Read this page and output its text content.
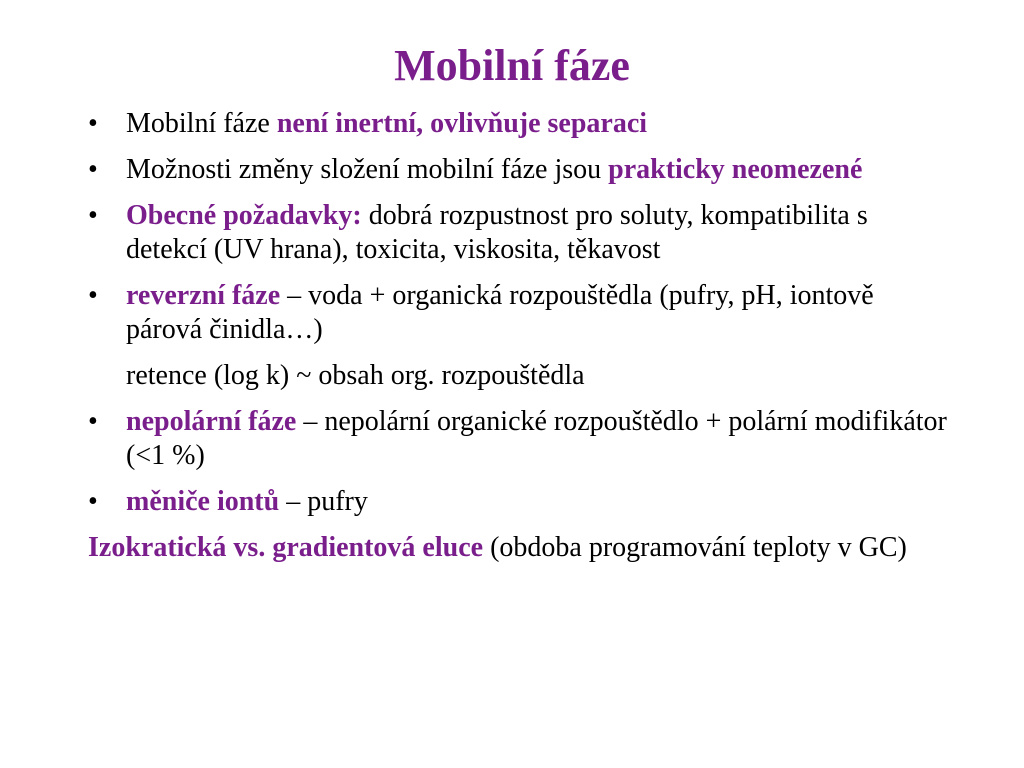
Mobilní fáze
•	Mobilní fáze není inertní, ovlivňuje separaci
•	Možnosti změny složení mobilní fáze jsou prakticky neomezené
•	Obecné požadavky: dobrá rozpustnost pro soluty, kompatibilita s detekcí (UV hrana), toxicita, viskosita, těkavost
•	reverzní fáze – voda + organická rozpouštědla (pufry, pH, iontově párová činidla…)
retence (log k) ~ obsah org. rozpouštědla
•	nepolární fáze – nepolární organické rozpouštědlo + polární modifikátor (<1 %)
•	měniče iontů – pufry
Izokratická vs. gradientová eluce (obdoba programování teploty v GC)
